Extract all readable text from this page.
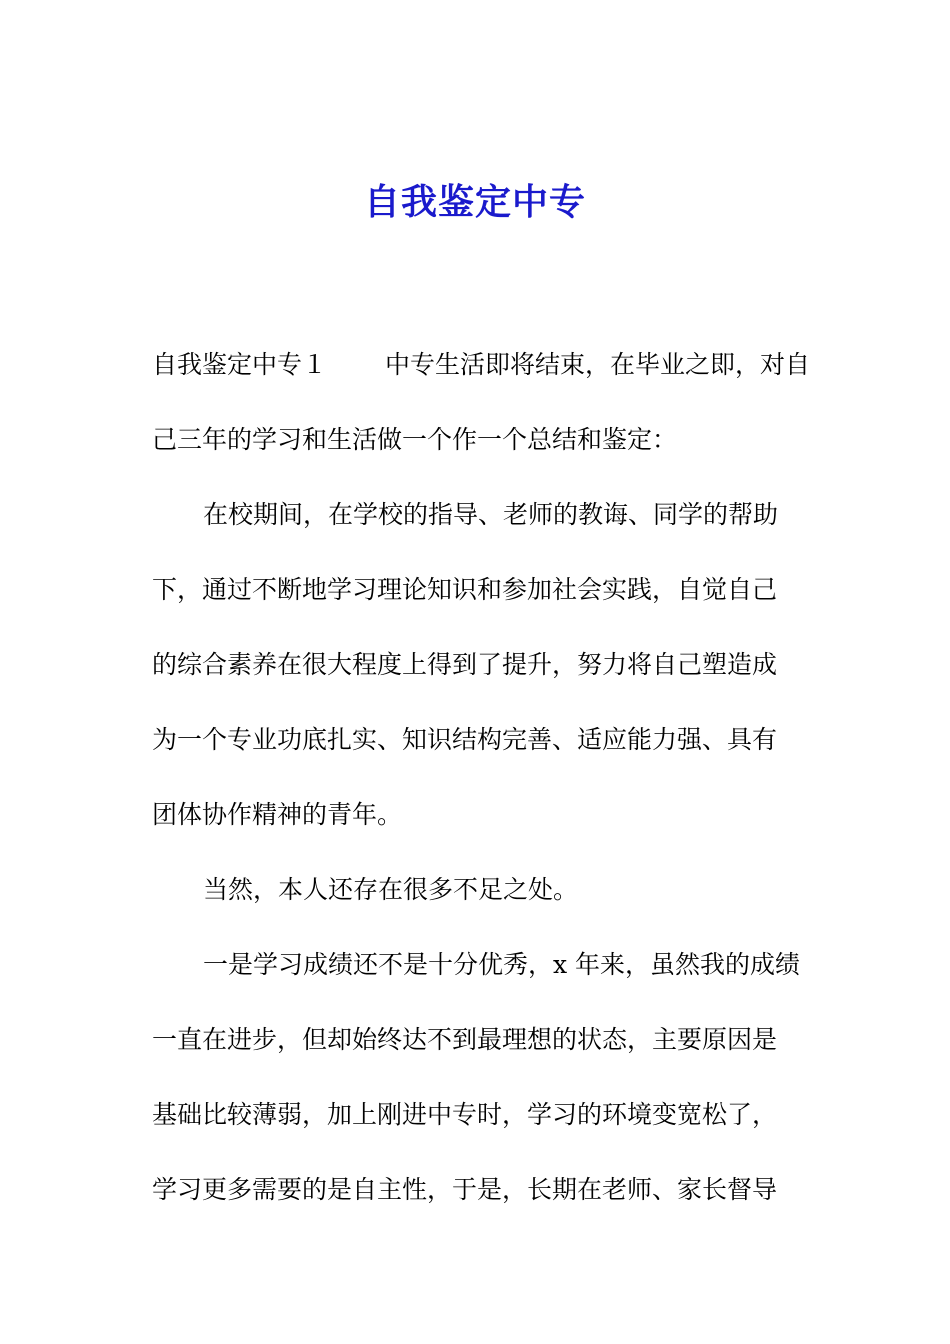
自我鉴定中专
自我鉴定中专１ 中专生活即将结束，在毕业之即，对自
己三年的学习和生活做一个作一个总结和鉴定：
在校期间，在学校的指导、老师的教诲、同学的帮助
下，通过不断地学习理论知识和参加社会实践，自觉自己
的综合素养在很大程度上得到了提升，努力将自己塑造成
为一个专业功底扎实、知识结构完善、适应能力强、具有
团体协作精神的青年。
当然，本人还存在很多不足之处。
一是学习成绩还不是十分优秀，x 年来，虽然我的成绩
一直在进步，但却始终达不到最理想的状态，主要原因是
基础比较薄弱，加上刚进中专时，学习的环境变宽松了，
学习更多需要的是自主性，于是，长期在老师、家长督导
